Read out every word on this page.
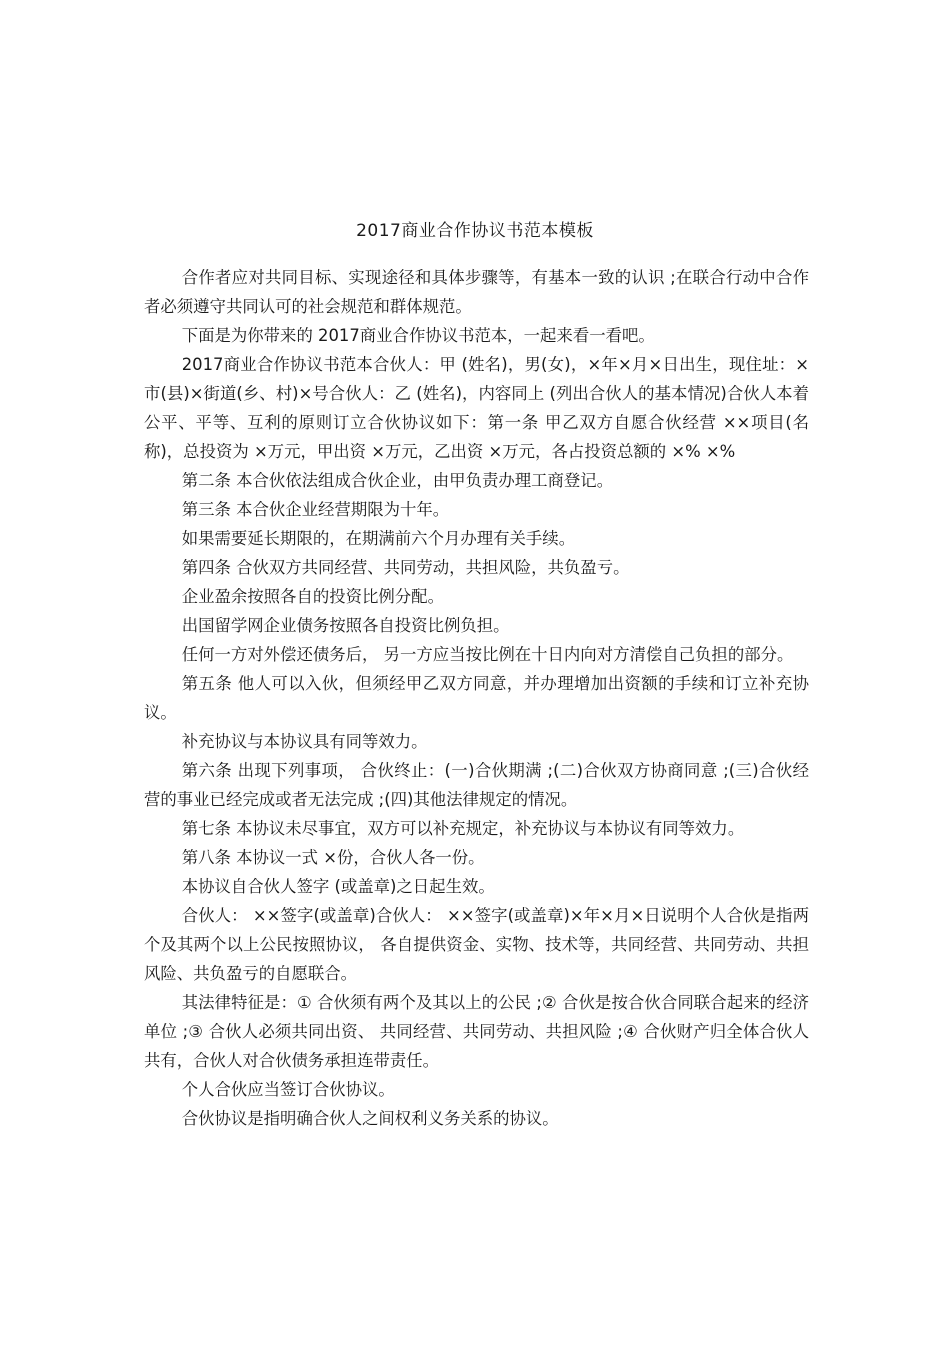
2017商业合作协议书范本模板

合作者应对共同目标、实现途径和具体步骤等，有基本一致的认识 ;在联合行动中合作者必须遵守共同认可的社会规范和群体规范。

下面是为你带来的 2017商业合作协议书范本，一起来看一看吧。

2017商业合作协议书范本合伙人：甲 (姓名)，男(女)，×年×月×日出生，现住址：×市(县)×街道(乡、村)×号合伙人：乙 (姓名)，内容同上 (列出合伙人的基本情况)合伙人本着公平、平等、互利的原则订立合伙协议如下：第一条 甲乙双方自愿合伙经营 ××项目(名称)，总投资为 ×万元，甲出资 ×万元，乙出资 ×万元，各占投资总额的 ×% ×%

第二条 本合伙依法组成合伙企业，由甲负责办理工商登记。

第三条 本合伙企业经营期限为十年。

如果需要延长期限的，在期满前六个月办理有关手续。

第四条 合伙双方共同经营、共同劳动，共担风险，共负盈亏。

企业盈余按照各自的投资比例分配。

出国留学网企业债务按照各自投资比例负担。

任何一方对外偿还债务后， 另一方应当按比例在十日内向对方清偿自己负担的部分。

第五条 他人可以入伙，但须经甲乙双方同意，并办理增加出资额的手续和订立补充协议。

补充协议与本协议具有同等效力。

第六条 出现下列事项， 合伙终止：(一)合伙期满 ;(二)合伙双方协商同意 ;(三)合伙经营的事业已经完成或者无法完成 ;(四)其他法律规定的情况。

第七条 本协议未尽事宜，双方可以补充规定，补充协议与本协议有同等效力。

第八条 本协议一式 ×份，合伙人各一份。

本协议自合伙人签字 (或盖章)之日起生效。

合伙人： ××签字(或盖章)合伙人： ××签字(或盖章)×年×月×日说明个人合伙是指两个及其两个以上公民按照协议， 各自提供资金、实物、技术等，共同经营、共同劳动、共担风险、共负盈亏的自愿联合。

其法律特征是：① 合伙须有两个及其以上的公民 ;② 合伙是按合伙合同联合起来的经济单位 ;③ 合伙人必须共同出资、 共同经营、共同劳动、共担风险 ;④ 合伙财产归全体合伙人共有，合伙人对合伙债务承担连带责任。

个人合伙应当签订合伙协议。

合伙协议是指明确合伙人之间权利义务关系的协议。
